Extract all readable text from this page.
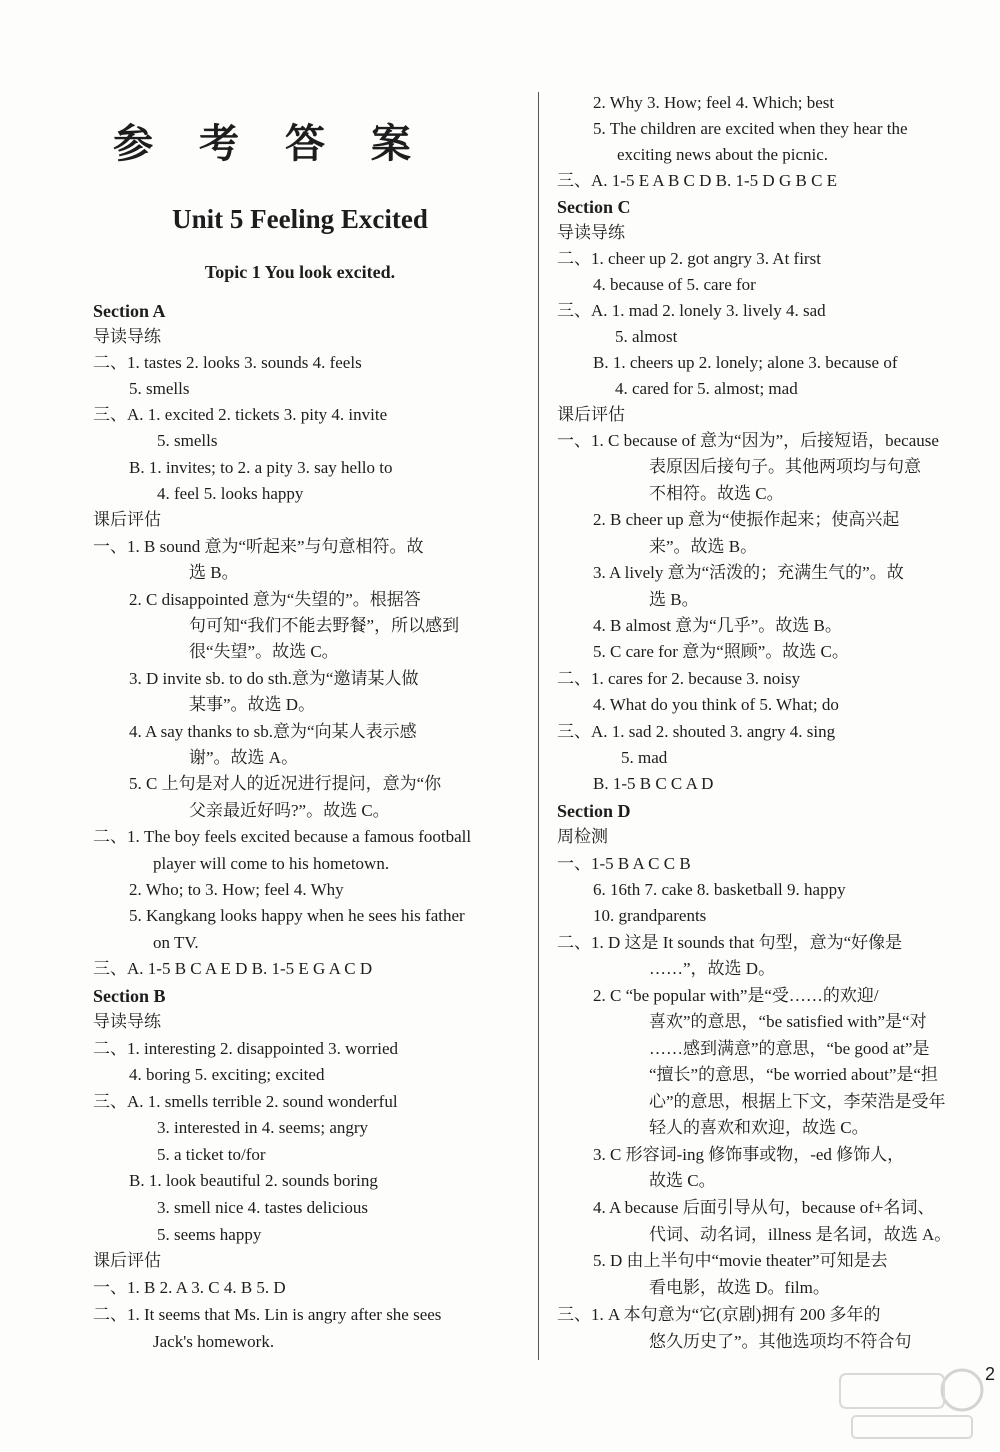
参 考 答 案
Unit 5 Feeling Excited
Topic 1 You look excited.
Section A
导读导练
二、1. tastes 2. looks 3. sounds 4. feels
5. smells
三、A. 1. excited 2. tickets 3. pity 4. invite
5. smells
B. 1. invites; to 2. a pity 3. say hello to
4. feel 5. looks happy
课后评估
一、1. B sound 意为“听起来”与句意相符。故
选 B。
2. C disappointed 意为“失望的”。根据答
句可知“我们不能去野餐”，所以感到
很“失望”。故选 C。
3. D invite sb. to do sth.意为“邀请某人做
某事”。故选 D。
4. A say thanks to sb.意为“向某人表示感
谢”。故选 A。
5. C 上句是对人的近况进行提问，意为“你
父亲最近好吗?”。故选 C。
二、1. The boy feels excited because a famous football
player will come to his hometown.
2. Who; to 3. How; feel 4. Why
5. Kangkang looks happy when he sees his father
on TV.
三、A. 1-5 B C A E D B. 1-5 E G A C D
Section B
导读导练
二、1. interesting 2. disappointed 3. worried
4. boring 5. exciting; excited
三、A. 1. smells terrible 2. sound wonderful
3. interested in 4. seems; angry
5. a ticket to/for
B. 1. look beautiful 2. sounds boring
3. smell nice 4. tastes delicious
5. seems happy
课后评估
一、1. B 2. A 3. C 4. B 5. D
二、1. It seems that Ms. Lin is angry after she sees
Jack's homework.
2. Why 3. How; feel 4. Which; best
5. The children are excited when they hear the
exciting news about the picnic.
三、A. 1-5 E A B C D B. 1-5 D G B C E
Section C
导读导练
二、1. cheer up 2. got angry 3. At first
4. because of 5. care for
三、A. 1. mad 2. lonely 3. lively 4. sad
5. almost
B. 1. cheers up 2. lonely; alone 3. because of
4. cared for 5. almost; mad
课后评估
一、1. C because of 意为“因为”，后接短语，because
表原因后接句子。其他两项均与句意
不相符。故选 C。
2. B cheer up 意为“使振作起来；使高兴起
来”。故选 B。
3. A lively 意为“活泼的；充满生气的”。故
选 B。
4. B almost 意为“几乎”。故选 B。
5. C care for 意为“照顾”。故选 C。
二、1. cares for 2. because 3. noisy
4. What do you think of 5. What; do
三、A. 1. sad 2. shouted 3. angry 4. sing
5. mad
B. 1-5 B C C A D
Section D
周检测
一、1-5 B A C C B
6. 16th 7. cake 8. basketball 9. happy
10. grandparents
二、1. D 这是 It sounds that 句型，意为“好像是
……”，故选 D。
2. C “be popular with”是“受……的欢迎/
喜欢”的意思，“be satisfied with”是“对
……感到满意”的意思，“be good at”是
“擅长”的意思，“be worried about”是“担
心”的意思，根据上下文，李荣浩是受年
轻人的喜欢和欢迎，故选 C。
3. C 形容词-ing 修饰事或物，-ed 修饰人，
故选 C。
4. A because 后面引导从句，because of+名词、
代词、动名词，illness 是名词，故选 A。
5. D 由上半句中“movie theater”可知是去
看电影，故选 D。film。
三、1. A 本句意为“它(京剧)拥有 200 多年的
悠久历史了”。其他选项均不符合句
2
